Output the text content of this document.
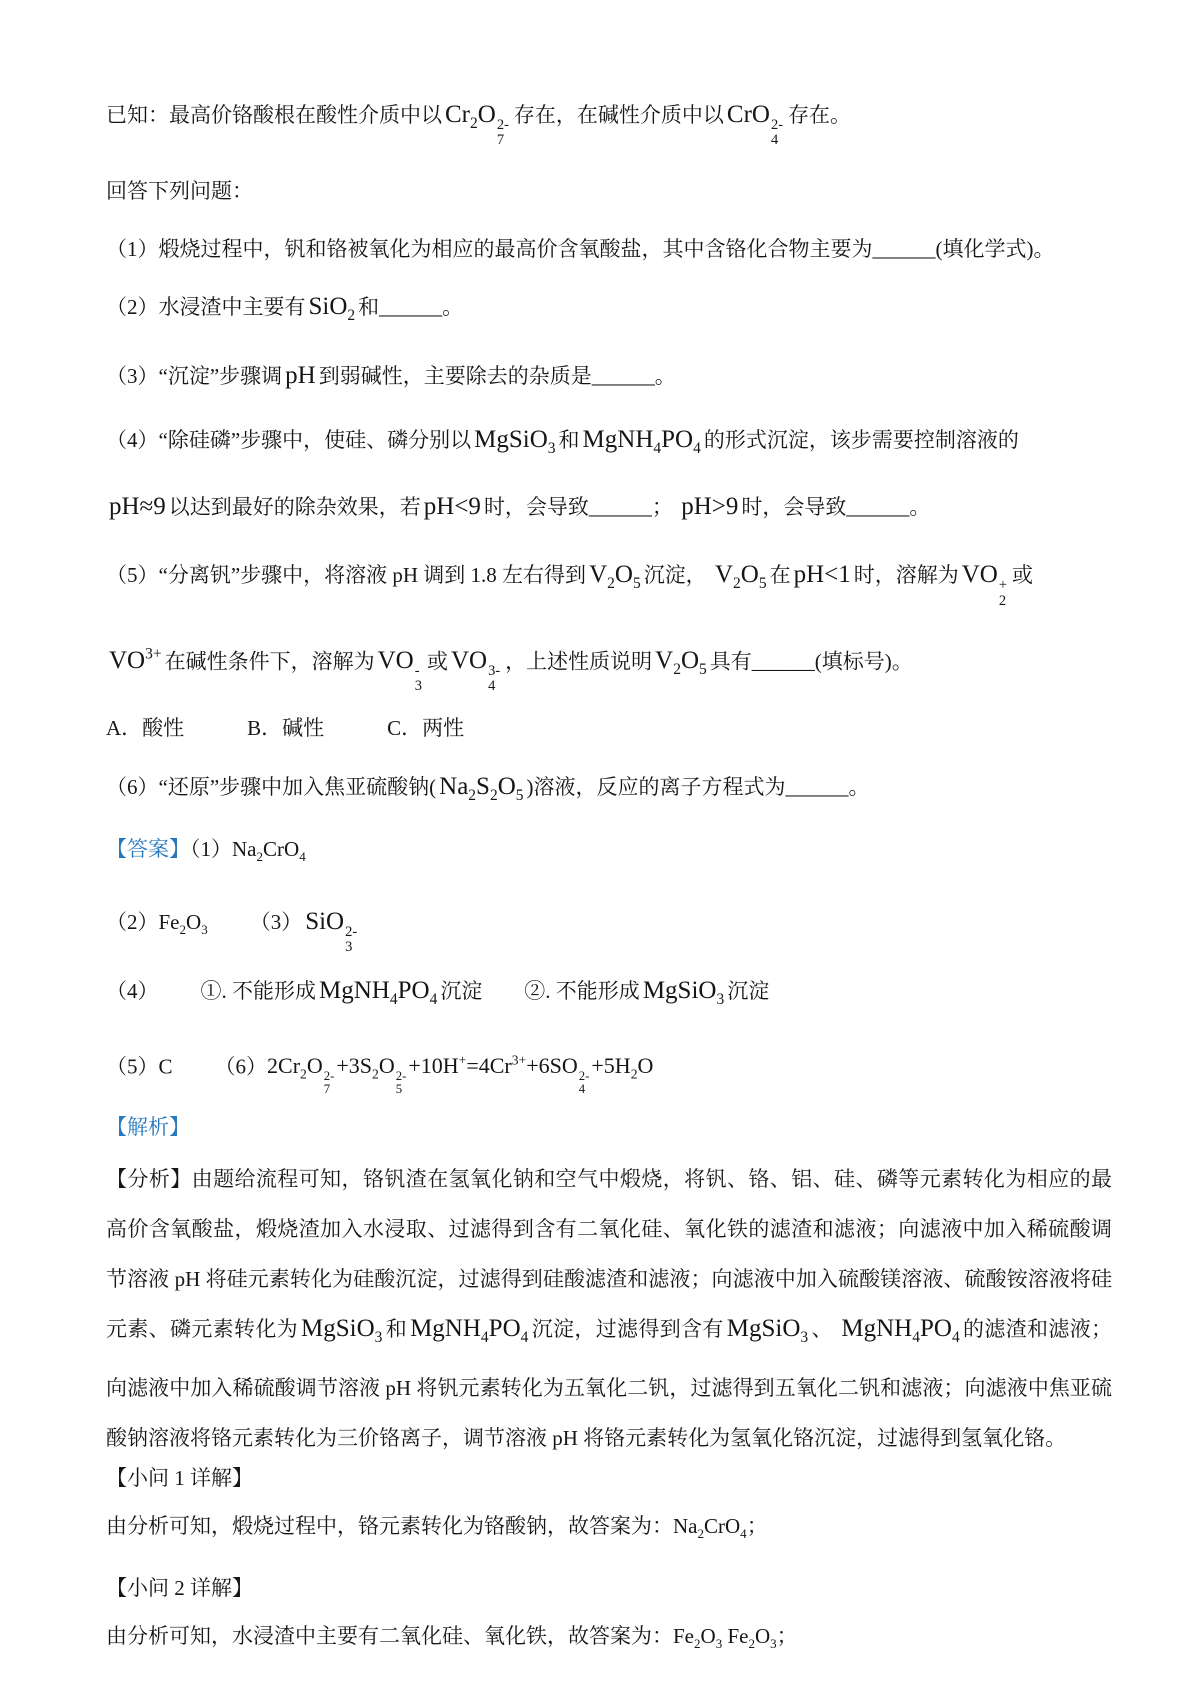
已知：最高价铬酸根在酸性介质中以 $Cr_2O$ 2-
7
存在，在碱性介质中以 CrO 2-
4
存在。

回答下列问题：

（1）煅烧过程中，钒和铬被氧化为相应的最高价含氧酸盐，其中含铬化合物主要为______(填化学式)。

（2）水浸渣中主要有 SiO$_2$ 和______。

（3）“沉淀”步骤调 pH 到弱碱性，主要除去的杂质是______。

（4）“除硅磷”步骤中，使硅、磷分别以 MgSiO$_3$ 和 $MgNH_4PO_4$ 的形式沉淀，该步需要控制溶液的

pH≈9 以达到最好的除杂效果，若 pH<9 时，会导致______； pH>9 时，会导致______。

（5）“分离钒”步骤中，将溶液 pH 调到 1.8 左右得到 $V_2O_5$ 沉淀， $V_2O_5$ 在 pH<1 时，溶解为 VO +
2
或

$VO^{3+}$ 在碱性条件下，溶解为 VO -
3
或 VO 3-
4
，上述性质说明 $V_2O_5$ 具有______(填标号)。

A．酸性   B．碱性   C．两性

（6）“还原”步骤中加入焦亚硫酸钠( $Na_2S_2O_5$ )溶液，反应的离子方程式为______。

【答案】$(1)Na_2CrO_4$

$(2)Fe_2O_3$  （3） SiO 2-
3

（4）  ①. 不能形成 $MgNH_4PO_4$ 沉淀  ②. 不能形成 MgSiO$_3$ 沉淀

（5）C  $(6)2Cr_2O$ 2-
7
$+3S_2O$ 2-
5
$+10H^+=4Cr^{3+}+6SO$ 2-
4
$+5H_2O$

【解析】

【分析】由题给流程可知，铬钒渣在氢氧化钠和空气中煅烧，将钒、铬、铝、硅、磷等元素转化为相应的最高价含氧酸盐，煅烧渣加入水浸取、过滤得到含有二氧化硅、氧化铁的滤渣和滤液；向滤液中加入稀硫酸调节溶液 pH 将硅元素转化为硅酸沉淀，过滤得到硅酸滤渣和滤液；向滤液中加入硫酸镁溶液、硫酸铵溶液将硅元素、磷元素转化为 MgSiO$_3$ 和 $MgNH_4PO_4$ 沉淀，过滤得到含有 MgSiO$_3$ 、 $MgNH_4PO_4$ 的滤渣和滤液；向滤液中加入稀硫酸调节溶液 pH 将钒元素转化为五氧化二钒，过滤得到五氧化二钒和滤液；向滤液中焦亚硫酸钠溶液将铬元素转化为三价铬离子，调节溶液 pH 将铬元素转化为氢氧化铬沉淀，过滤得到氢氧化铬。

【小问 1 详解】

由分析可知，煅烧过程中，铬元素转化为铬酸钠，故答案为：$Na_2CrO_4$；

【小问 2 详解】

由分析可知，水浸渣中主要有二氧化硅、氧化铁，故答案为：$Fe_2O_3$ $Fe_2O_3$；
